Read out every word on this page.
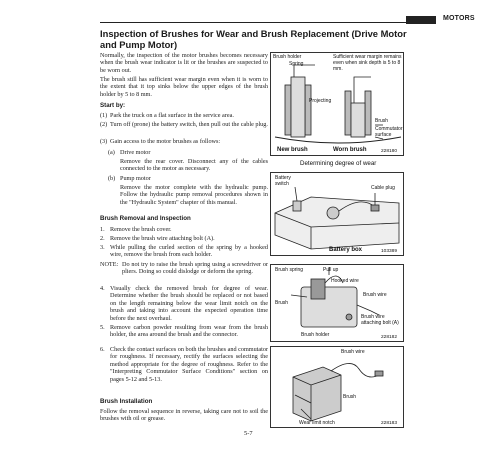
MOTORS
Inspection of Brushes for Wear and Brush Replacement (Drive Motor and Pump Motor)
Normally, the inspection of the motor brushes becomes necessary when the brush wear indicator is lit or the brushes are suspected to be worn out.
The brush still has sufficient wear margin even when it is worn to the extent that it top sinks below the upper edges of the brush holder by 5 to 8 mm.
Start by:
(1) Park the truck on a flat surface in the service area.
(2) Turn off (prone) the battery switch, then pull out the cable plug.
(3) Gain access to the motor brushes as follows:
(a) Drive motor
Remove the rear cover. Disconnect any of the cables connected to the motor as necessary.
(b) Pump motor
Remove the motor complete with the hydraulic pump. Follow the hydraulic pump removal procedures shown in the "Hydraulic System" chapter of this manual.
Brush Removal and Inspection
1. Remove the brush cover.
2. Remove the brush wire attaching bolt (A).
3. While pulling the curled section of the spring by a hooked wire, remove the brush from each holder.
NOTE: Do not try to raise the brush spring using a screwdriver or pliers. Doing so could dislodge or deform the spring.
4. Visually check the removed brush for degree of wear. Determine whether the brush should be replaced or not based on the length remaining below the wear limit notch on the brush and taking into account the expected operation time before the next overhaul.
5. Remove carbon powder resulting from wear from the brush holder, the area around the brush and the connector.
6. Check the contact surfaces on both the brushes and commutator for roughness. If necessary, rectify the surfaces selecting the method appropriate for the degree of roughness. Refer to the "Interpreting Commutator Surface Conditions" section on pages 5-12 and 5-13.
Brush Installation
Follow the removal sequence in reverse, taking care not to soil the brushes with oil or grease.
5-7
Brush holder
Spring
Sufficient wear margin remains even when sink depth is 5 to 8 mm.
Projecting
Brush
Commutator surface
New brush	Worn brush	228180
Determining degree of wear
Battery switch
Cable plug
Battery box	103389
Brush spring	Pull up
Hooked wire
Brush wire
Brush
Brush wire attaching bolt (A)
Brush holder	228182
Brush wire
Brush
Wear limit notch	228183
